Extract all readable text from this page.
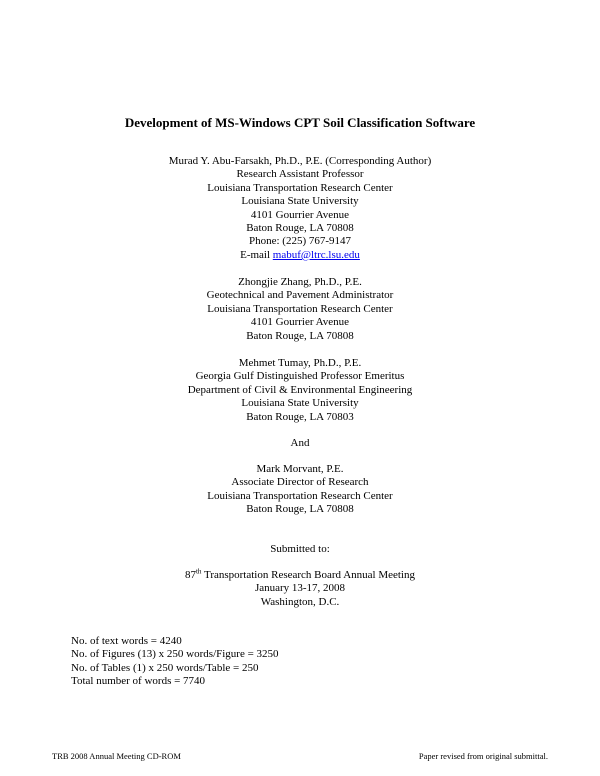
Development of MS-Windows CPT Soil Classification Software
Murad Y. Abu-Farsakh, Ph.D., P.E. (Corresponding Author)
Research Assistant Professor
Louisiana Transportation Research Center
Louisiana State University
4101 Gourrier Avenue
Baton Rouge, LA 70808
Phone: (225) 767-9147
E-mail mabuf@ltrc.lsu.edu
Zhongjie Zhang, Ph.D., P.E.
Geotechnical and Pavement Administrator
Louisiana Transportation Research Center
4101 Gourrier Avenue
Baton Rouge, LA 70808
Mehmet Tumay, Ph.D., P.E.
Georgia Gulf Distinguished Professor Emeritus
Department of Civil & Environmental Engineering
Louisiana State University
Baton Rouge, LA 70803
And
Mark Morvant, P.E.
Associate Director of Research
Louisiana Transportation Research Center
Baton Rouge, LA 70808
Submitted to:
87th Transportation Research Board Annual Meeting
January 13-17, 2008
Washington, D.C.
No. of text words = 4240
No. of Figures (13) x 250 words/Figure = 3250
No. of Tables (1) x 250 words/Table = 250
Total number of words = 7740
TRB 2008 Annual Meeting CD-ROM	Paper revised from original submittal.
